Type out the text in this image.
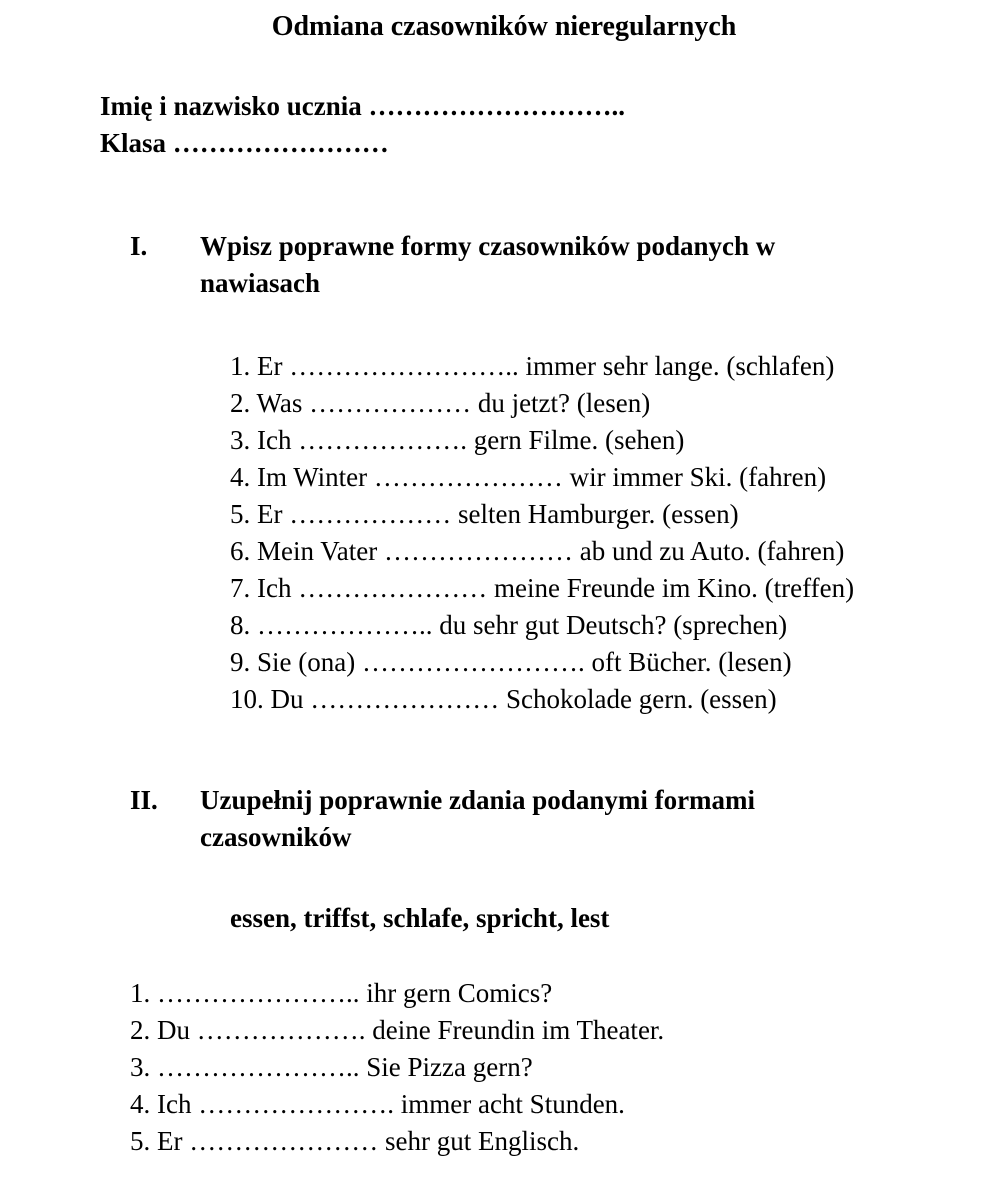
Odmiana czasowników nieregularnych
Imię i nazwisko ucznia ………………………..
Klasa ……………………
I.	Wpisz poprawne formy czasowników podanych w nawiasach
1. Er …………………….. immer sehr lange. (schlafen)
2. Was ……………… du jetzt? (lesen)
3. Ich ………………. gern Filme. (sehen)
4. Im Winter ………………… wir immer Ski. (fahren)
5. Er ……………… selten Hamburger. (essen)
6. Mein Vater ………………… ab und zu Auto. (fahren)
7. Ich ………………… meine Freunde im Kino. (treffen)
8. ……………….. du sehr gut Deutsch? (sprechen)
9. Sie (ona) ……………………. oft Bücher. (lesen)
10. Du ………………… Schokolade gern. (essen)
II.	Uzupełnij poprawnie zdania podanymi formami czasowników
essen, triffst, schlafe, spricht, lest
1. ………………….. ihr gern Comics?
2. Du ………………. deine Freundin im Theater.
3. ………………….. Sie Pizza gern?
4. Ich …………………. immer acht Stunden.
5. Er ………………… sehr gut Englisch.
